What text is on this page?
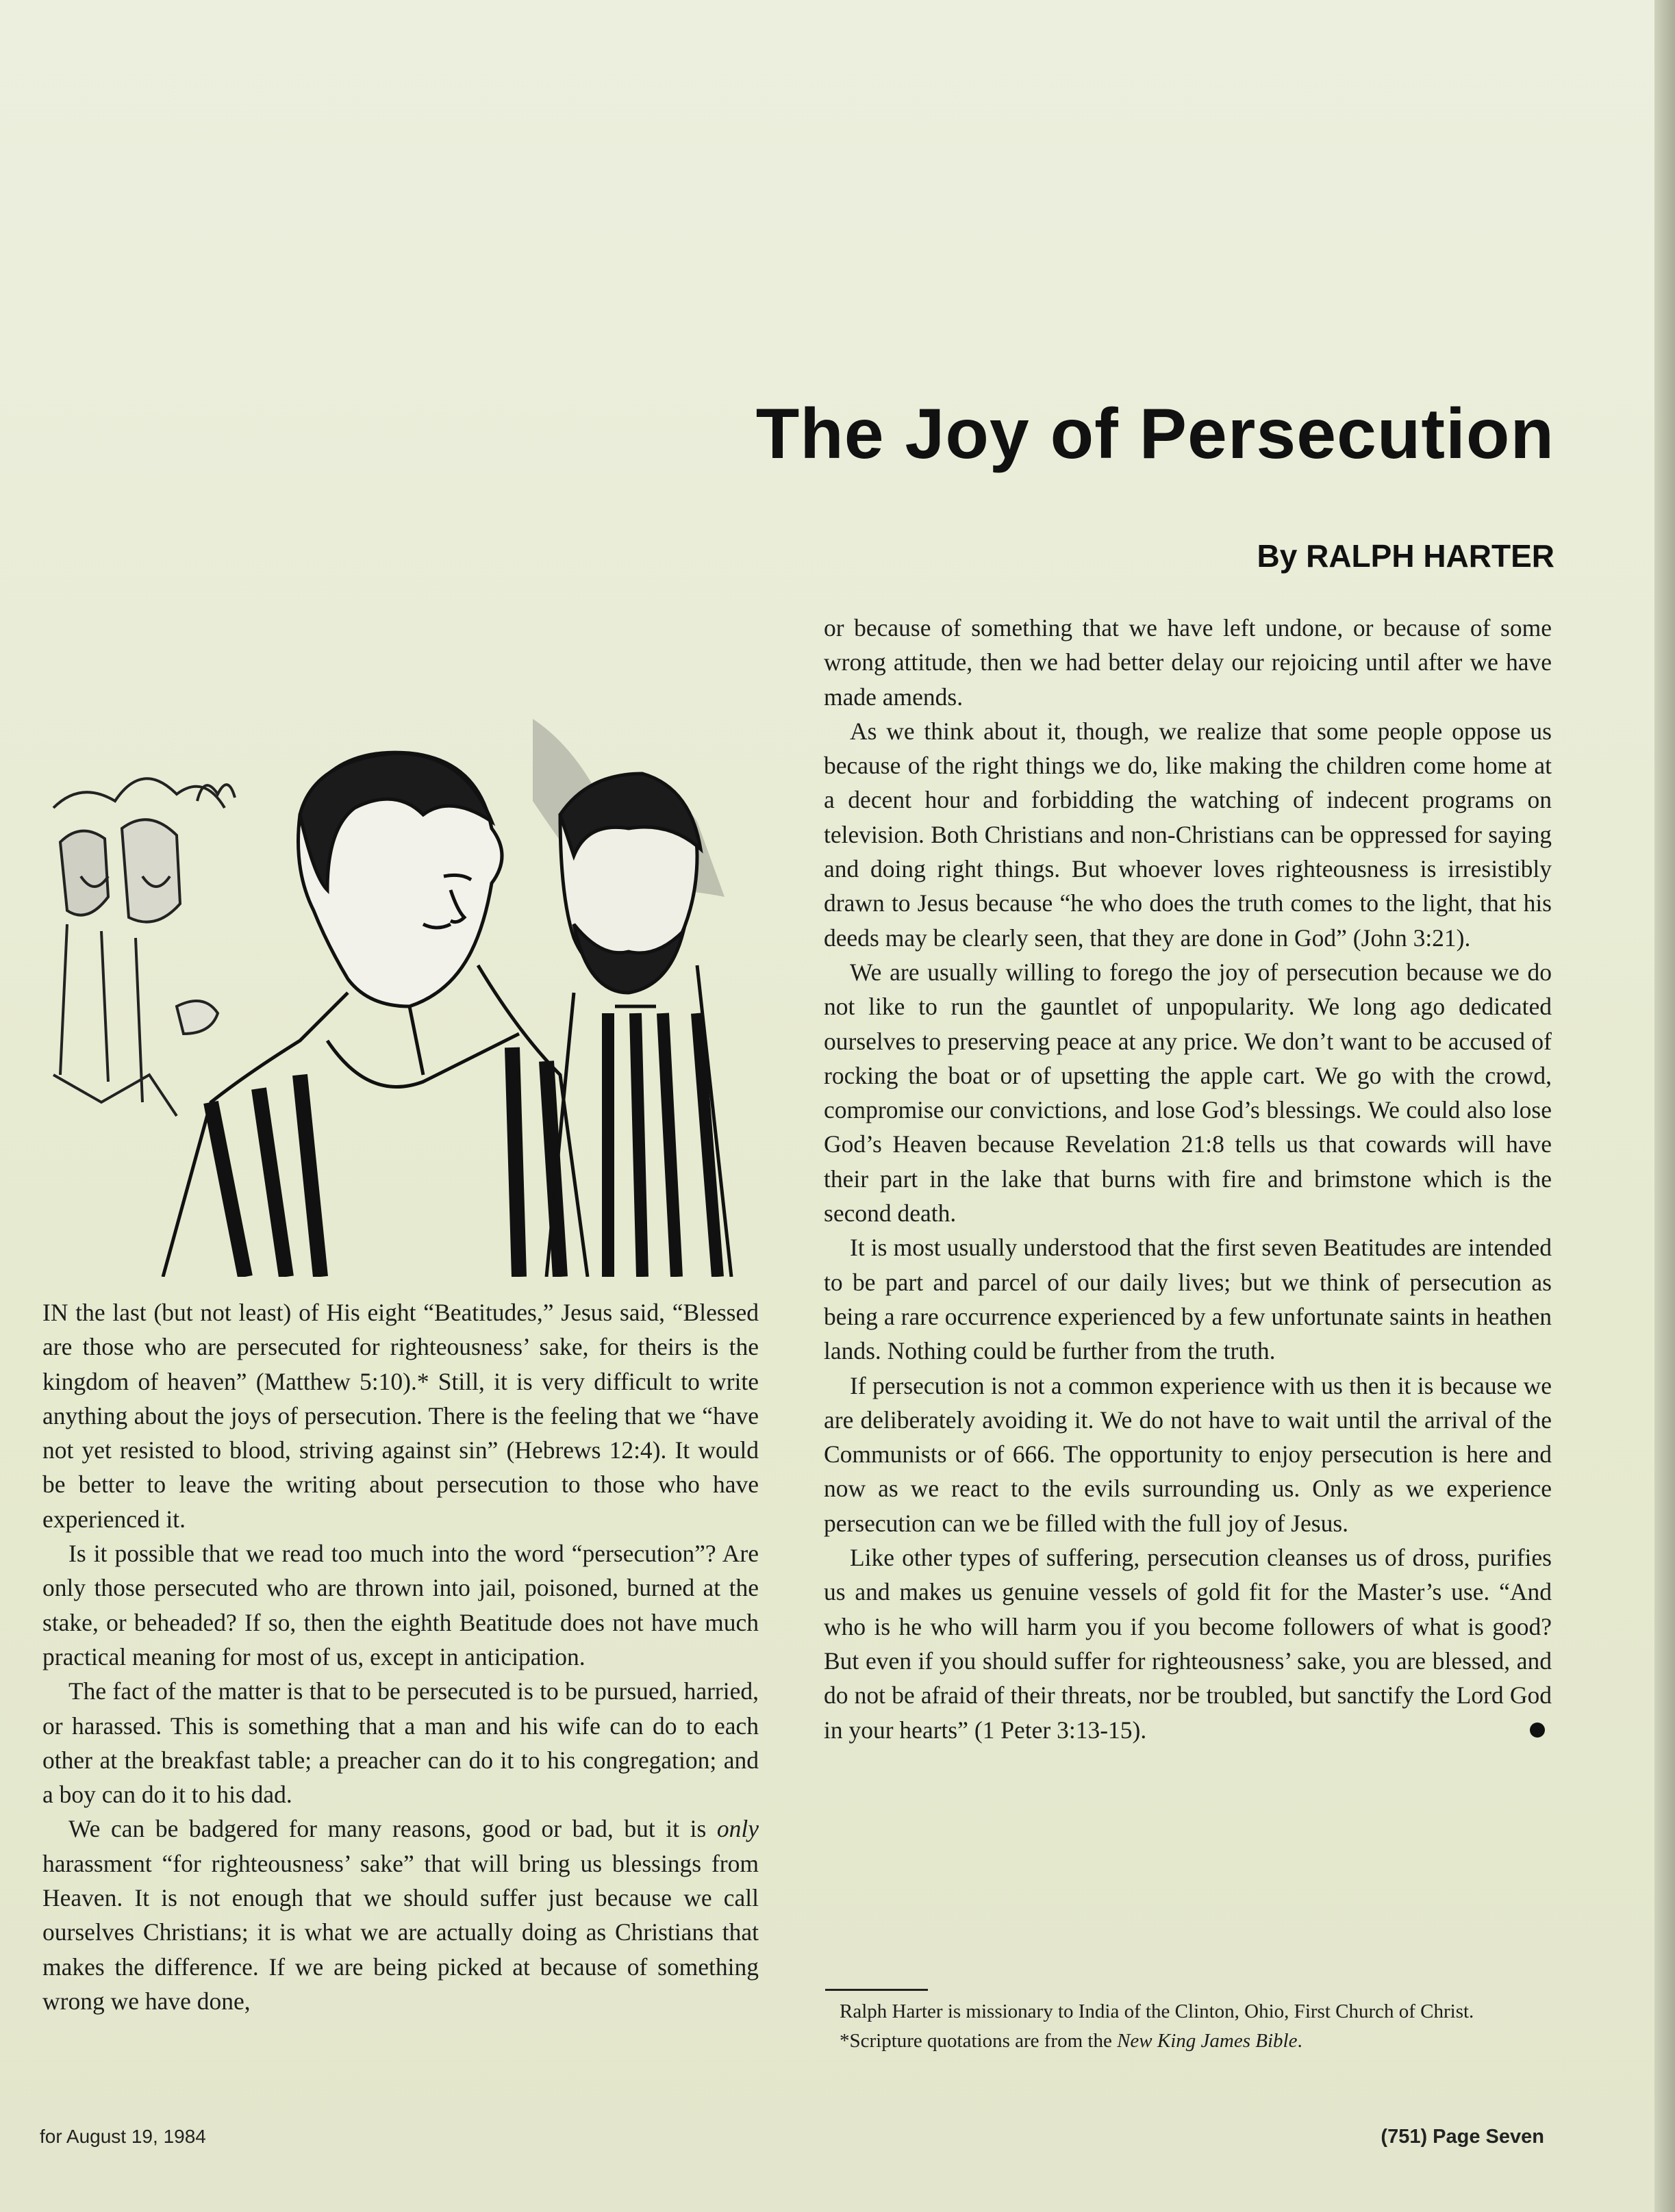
The Joy of Persecution
By RALPH HARTER

IN the last (but not least) of His eight “Beatitudes,” Jesus said, “Blessed are those who are persecuted for righteousness’ sake, for theirs is the kingdom of heaven” (Matthew 5:10).* Still, it is very difficult to write anything about the joys of persecution. There is the feeling that we “have not yet resisted to blood, striving against sin” (Hebrews 12:4). It would be better to leave the writing about persecution to those who have experienced it.

Is it possible that we read too much into the word “persecution”? Are only those persecuted who are thrown into jail, poisoned, burned at the stake, or beheaded? If so, then the eighth Beatitude does not have much practical meaning for most of us, except in anticipation.

The fact of the matter is that to be persecuted is to be pursued, harried, or harassed. This is something that a man and his wife can do to each other at the breakfast table; a preacher can do it to his congregation; and a boy can do it to his dad.

We can be badgered for many reasons, good or bad, but it is only harassment “for righteousness’ sake” that will bring us blessings from Heaven. It is not enough that we should suffer just because we call ourselves Christians; it is what we are actually doing as Christians that makes the difference. If we are being picked at because of something wrong we have done,

or because of something that we have left undone, or because of some wrong attitude, then we had better delay our rejoicing until after we have made amends.

As we think about it, though, we realize that some people oppose us because of the right things we do, like making the children come home at a decent hour and forbidding the watching of indecent programs on television. Both Christians and non-Christians can be oppressed for saying and doing right things. But whoever loves righteousness is irresistibly drawn to Jesus because “he who does the truth comes to the light, that his deeds may be clearly seen, that they are done in God” (John 3:21).

We are usually willing to forego the joy of persecution because we do not like to run the gauntlet of unpopularity. We long ago dedicated ourselves to preserving peace at any price. We don’t want to be accused of rocking the boat or of upsetting the apple cart. We go with the crowd, compromise our convictions, and lose God’s blessings. We could also lose God’s Heaven because Revelation 21:8 tells us that cowards will have their part in the lake that burns with fire and brimstone which is the second death.

It is most usually understood that the first seven Beatitudes are intended to be part and parcel of our daily lives; but we think of persecution as being a rare occurrence experienced by a few unfortunate saints in heathen lands. Nothing could be further from the truth.

If persecution is not a common experience with us then it is because we are deliberately avoiding it. We do not have to wait until the arrival of the Communists or of 666. The opportunity to enjoy persecution is here and now as we react to the evils surrounding us. Only as we experience persecution can we be filled with the full joy of Jesus.

Like other types of suffering, persecution cleanses us of dross, purifies us and makes us genuine vessels of gold fit for the Master’s use. “And who is he who will harm you if you become followers of what is good? But even if you should suffer for righteousness’ sake, you are blessed, and do not be afraid of their threats, nor be troubled, but sanctify the Lord God in your hearts” (1 Peter 3:13-15).

Ralph Harter is missionary to India of the Clinton, Ohio, First Church of Christ.

*Scripture quotations are from the New King James Bible.

for August 19, 1984	(751) Page Seven
